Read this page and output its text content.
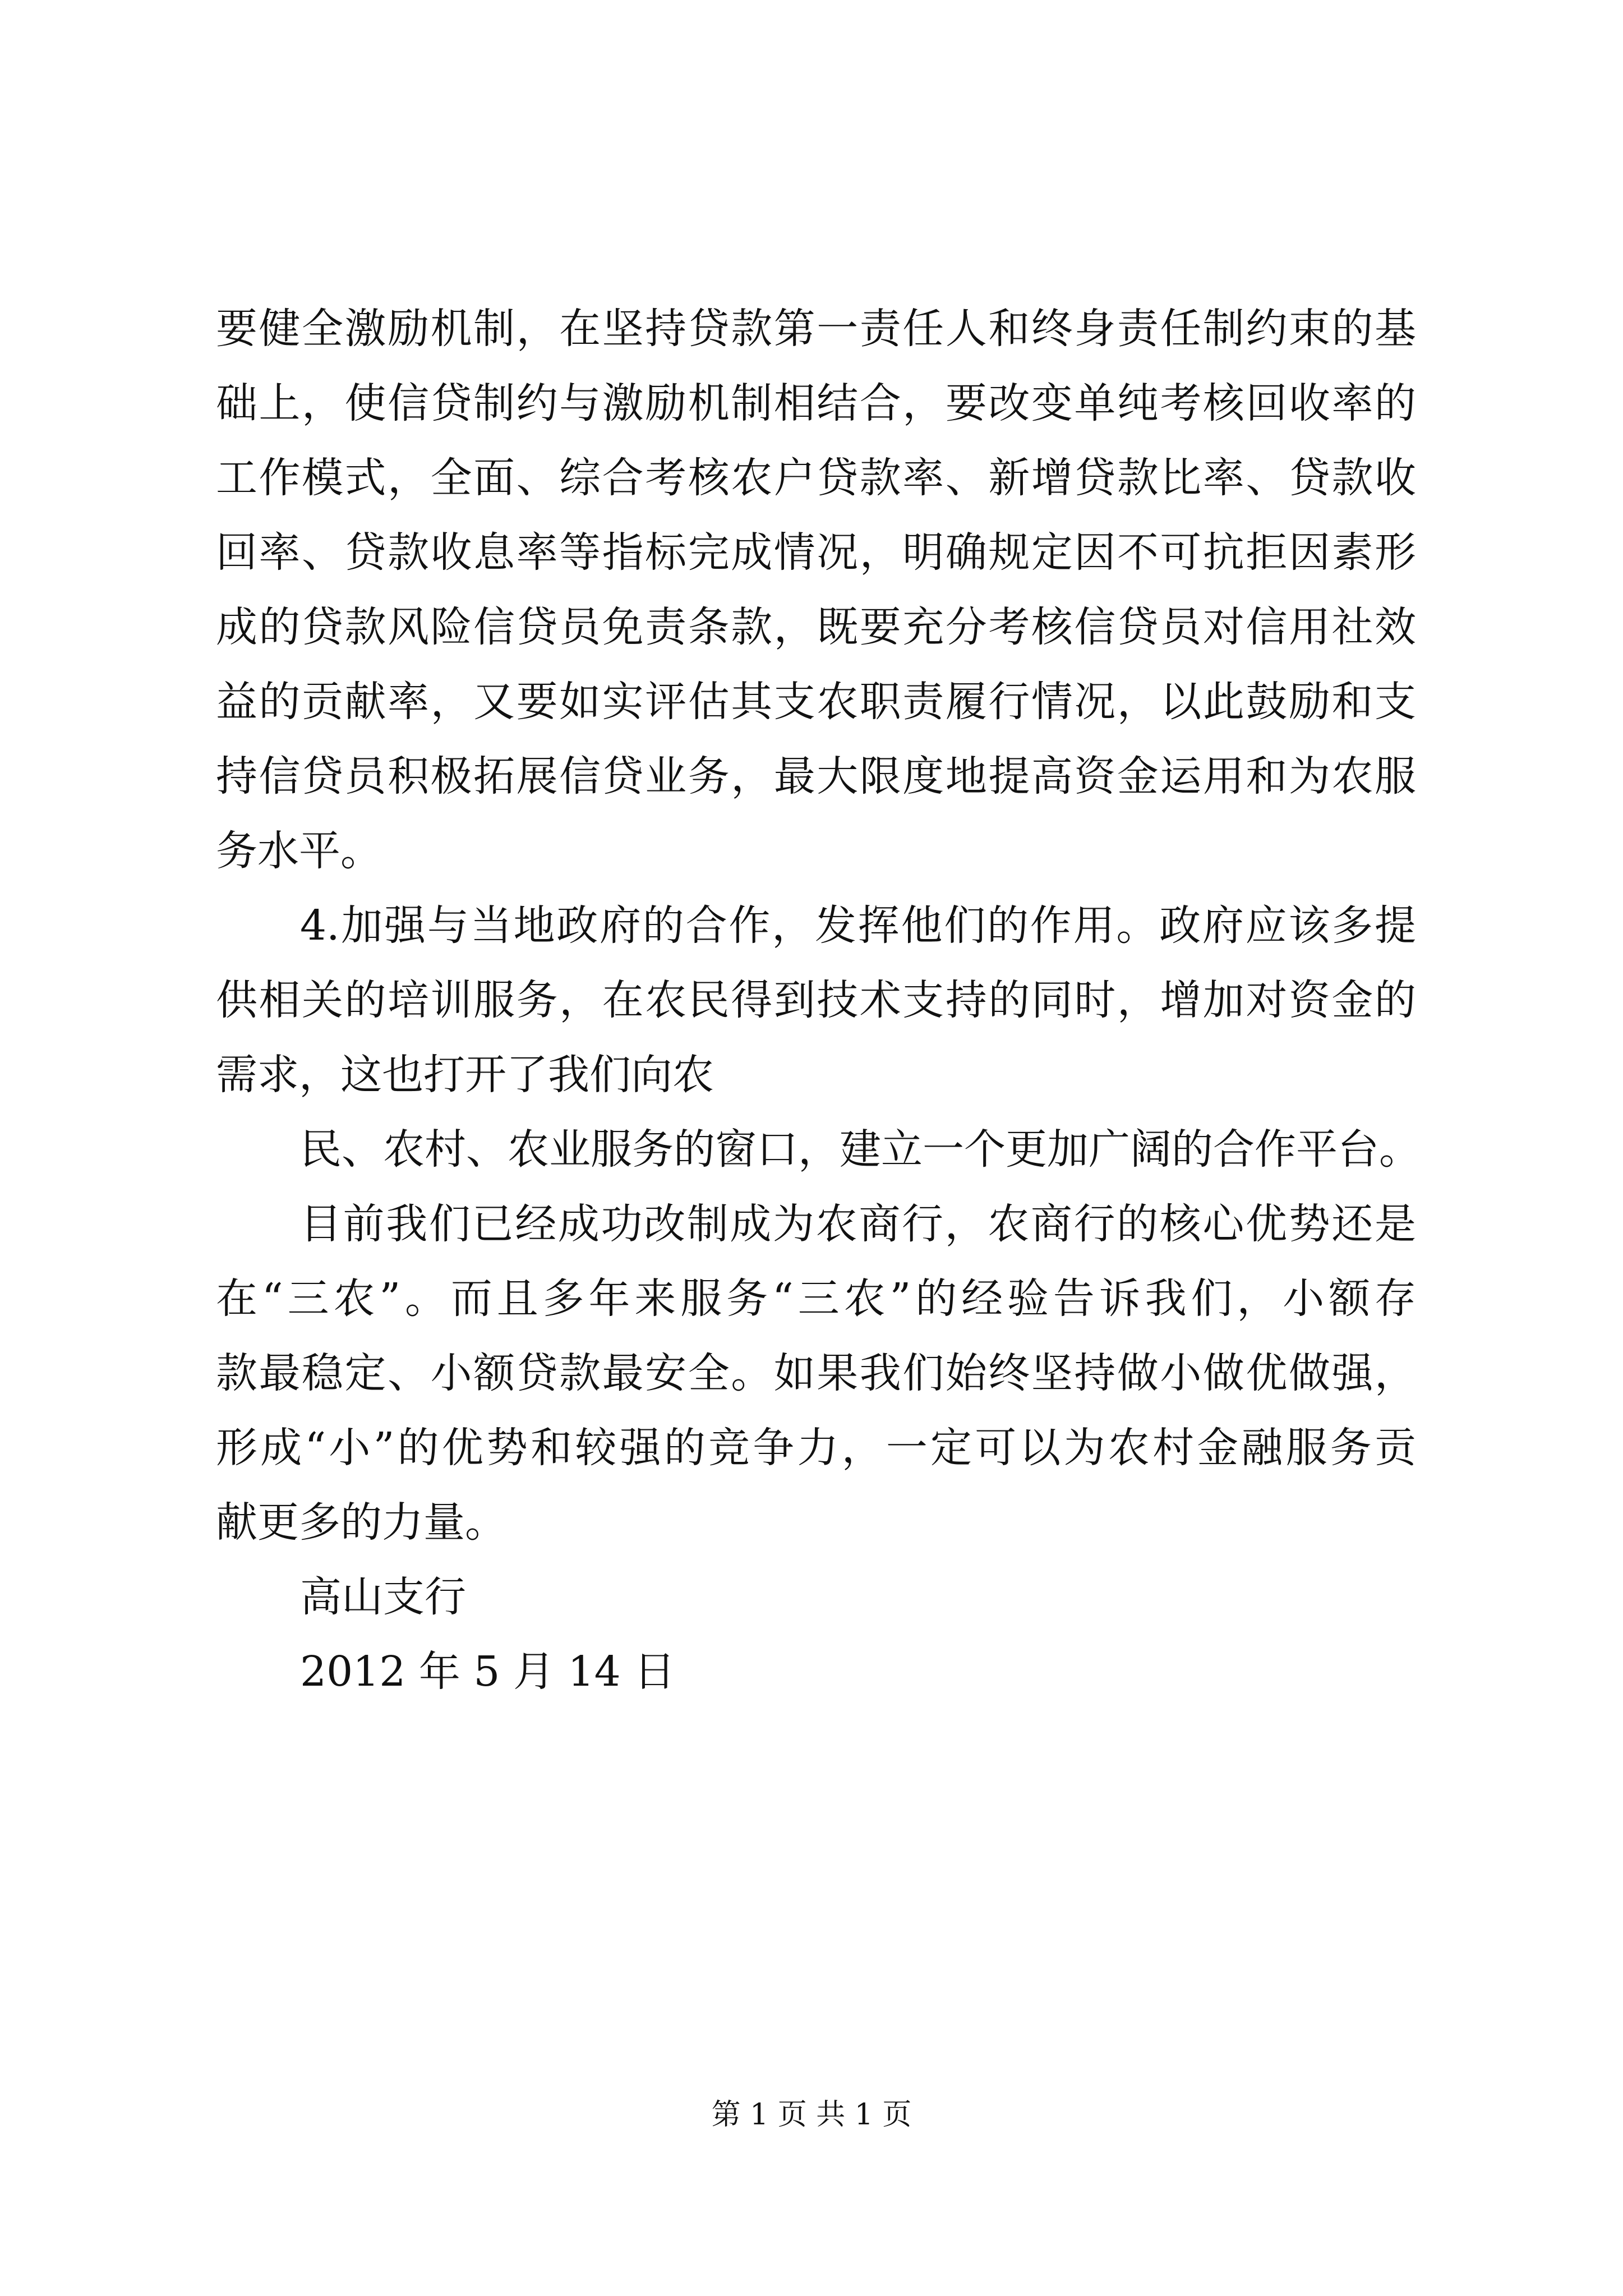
要健全激励机制，在坚持贷款第一责任人和终身责任制约束的基
础上，使信贷制约与激励机制相结合，要改变单纯考核回收率的
工作模式，全面、综合考核农户贷款率、新增贷款比率、贷款收
回率、贷款收息率等指标完成情况，明确规定因不可抗拒因素形
成的贷款风险信贷员免责条款，既要充分考核信贷员对信用社效
益的贡献率，又要如实评估其支农职责履行情况，以此鼓励和支
持信贷员积极拓展信贷业务，最大限度地提高资金运用和为农服
务水平。
4.加强与当地政府的合作，发挥他们的作用。政府应该多提
供相关的培训服务，在农民得到技术支持的同时，增加对资金的
需求，这也打开了我们向农
民、农村、农业服务的窗口，建立一个更加广阔的合作平台。
目前我们已经成功改制成为农商行，农商行的核心优势还是
在“三农”。而且多年来服务“三农”的经验告诉我们，小额存
款最稳定、小额贷款最安全。如果我们始终坚持做小做优做强，
形成“小”的优势和较强的竞争力，一定可以为农村金融服务贡
献更多的力量。
高山支行
2012 年 5 月 14 日
第 1 页 共 1 页
